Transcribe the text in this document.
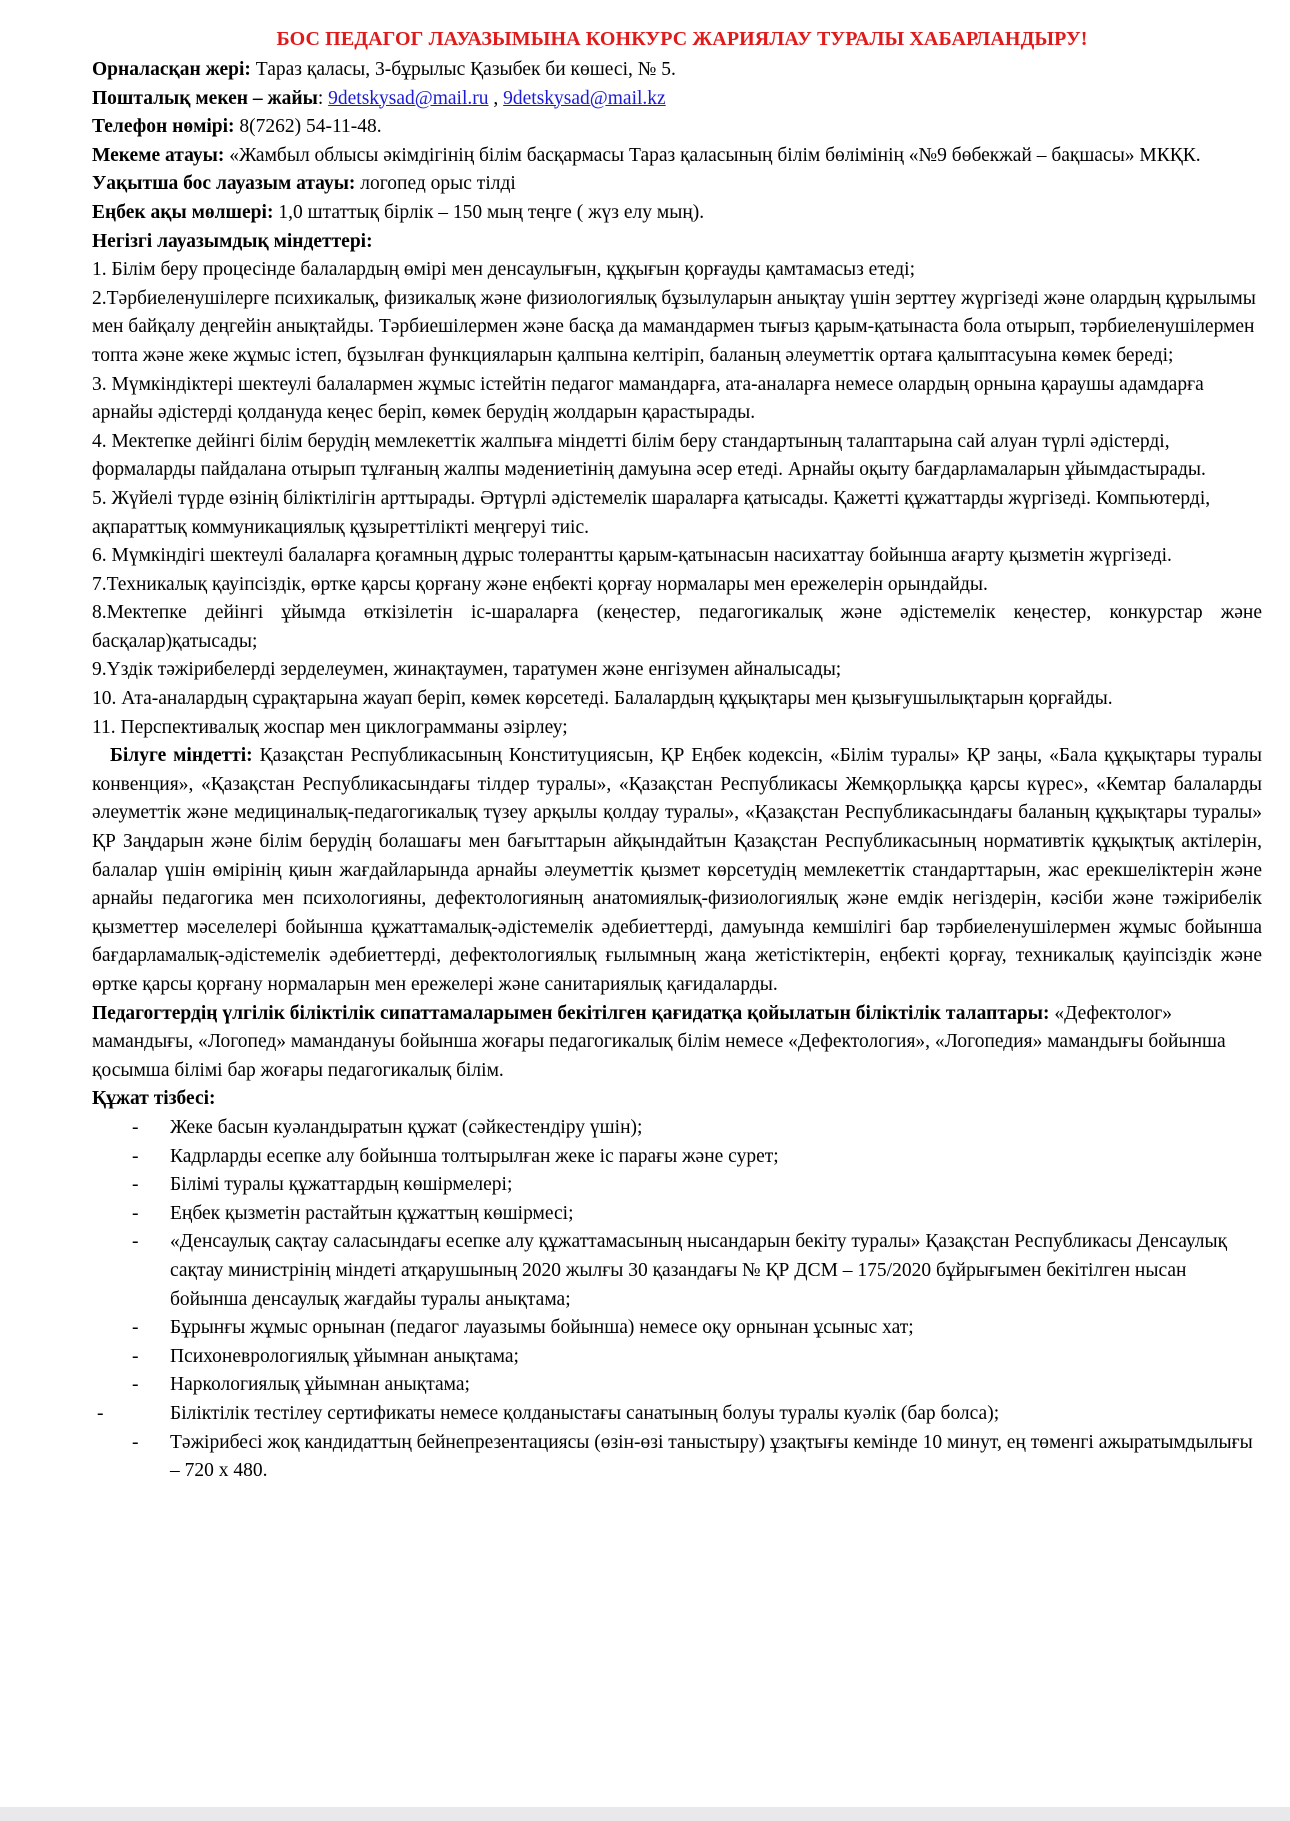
БОС ПЕДАГОГ ЛАУАЗЫМЫНА КОНКУРС ЖАРИЯЛАУ ТУРАЛЫ ХАБАРЛАНДЫРУ!

Орналасқан жері: Тараз қаласы, 3-бұрылыс Қазыбек би көшесі, № 5.

Пошталық мекен – жайы: 9detskysad@mail.ru , 9detskysad@mail.kz

Телефон нөмірі: 8(7262) 54-11-48.

Мекеме атауы: «Жамбыл облысы әкімдігінің білім басқармасы Тараз қаласының білім бөлімінің «№9 бөбекжай – бақшасы» МКҚК.

Уақытша бос лауазым атауы: логопед орыс тілді

Еңбек ақы мөлшері: 1,0 штаттық бірлік – 150 мың теңге ( жүз елу мың).

Негізгі лауазымдық міндеттері:

1. Білім беру процесінде балалардың өмірі мен денсаулығын, құқығын қорғауды қамтамасыз етеді;

2.Тәрбиеленушілерге психикалық, физикалық және физиологиялық бұзылуларын анықтау үшін зерттеу жүргізеді және олардың құрылымы мен байқалу деңгейін анықтайды. Тәрбиешілермен және басқа да мамандармен тығыз қарым-қатынаста бола отырып, тәрбиеленушілермен топта және жеке жұмыс істеп, бұзылған функцияларын қалпына келтіріп, баланың әлеуметтік ортаға қалыптасуына көмек береді;

3. Мүмкіндіктері шектеулі балалармен жұмыс істейтін педагог мамандарға, ата-аналарға немесе олардың орнына қараушы адамдарға арнайы әдістерді қолдануда кеңес беріп, көмек берудің жолдарын қарастырады.

4. Мектепке дейінгі білім берудің мемлекеттік жалпыға міндетті білім беру стандартының талаптарына сай алуан түрлі әдістерді, формаларды пайдалана отырып тұлғаның жалпы мәдениетінің дамуына әсер етеді. Арнайы оқыту бағдарламаларын ұйымдастырады.

5. Жүйелі түрде өзінің біліктілігін арттырады. Әртүрлі әдістемелік шараларға қатысады. Қажетті құжаттарды жүргізеді. Компьютерді, ақпараттық коммуникациялық құзыреттілікті меңгеруі тиіс.

6. Мүмкіндігі шектеулі балаларға қоғамның дұрыс толерантты қарым-қатынасын насихаттау бойынша ағарту қызметін жүргізеді.

7.Техникалық қауіпсіздік, өртке қарсы қорғану және еңбекті қорғау нормалары мен ережелерін орындайды.

8.Мектепке дейінгі ұйымда өткізілетін іс-шараларға (кеңестер, педагогикалық және әдістемелік кеңестер, конкурстар және басқалар)қатысады;

9.Үздік тәжірибелерді зерделеумен, жинақтаумен, таратумен және енгізумен айналысады;

10. Ата-аналардың сұрақтарына жауап беріп, көмек көрсетеді. Балалардың құқықтары мен қызығушылықтарын қорғайды.

11. Перспективалық жоспар мен циклограмманы әзірлеу;

Білуге міндетті: Қазақстан Республикасының Конституциясын, ҚР Еңбек кодексін, «Білім туралы» ҚР заңы, «Бала құқықтары туралы конвенция», «Қазақстан Республикасындағы тілдер туралы», «Қазақстан Республикасы Жемқорлыққа қарсы күрес», «Кемтар балаларды әлеуметтік және медициналық-педагогикалық түзеу арқылы қолдау туралы», «Қазақстан Республикасындағы баланың құқықтары туралы» ҚР Заңдарын және білім берудің болашағы мен бағыттарын айқындайтын Қазақстан Республикасының нормативтік құқықтық актілерін, балалар үшін өмірінің қиын жағдайларында арнайы әлеуметтік қызмет көрсетудің мемлекеттік стандарттарын, жас ерекшеліктерін және арнайы педагогика мен психологияны, дефектологияның анатомиялық-физиологиялық және емдік негіздерін, кәсіби және тәжірибелік қызметтер мәселелері бойынша құжаттамалық-әдістемелік әдебиеттерді, дамуында кемшілігі бар тәрбиеленушілермен жұмыс бойынша бағдарламалық-әдістемелік әдебиеттерді, дефектологиялық ғылымның жаңа жетістіктерін, еңбекті қорғау, техникалық қауіпсіздік және өртке қарсы қорғану нормаларын мен ережелері және санитариялық қағидаларды.

Педагогтердің үлгілік біліктілік сипаттамаларымен бекітілген қағидатқа қойылатын біліктілік талаптары: «Дефектолог» мамандығы, «Логопед» мамандануы бойынша жоғары педагогикалық білім немесе «Дефектология», «Логопедия» мамандығы бойынша қосымша білімі бар жоғары педагогикалық білім.

Құжат тізбесі:

- Жеке басын куәландыратын құжат (сәйкестендіру үшін);
- Кадрларды есепке алу бойынша толтырылған жеке іс парағы және сурет;
- Білімі туралы құжаттардың көшірмелері;
- Еңбек қызметін растайтын құжаттың көшірмесі;
- «Денсаулық сақтау саласындағы есепке алу құжаттамасының нысандарын бекіту туралы» Қазақстан Республикасы Денсаулық сақтау министрінің міндеті атқарушының 2020 жылғы 30 қазандағы № ҚР ДСМ – 175/2020 бұйрығымен бекітілген нысан бойынша денсаулық жағдайы туралы анықтама;
- Бұрынғы жұмыс орнынан (педагог лауазымы бойынша) немесе оқу орнынан ұсыныс хат;
- Психоневрологиялық ұйымнан анықтама;
- Наркологиялық ұйымнан анықтама;
-	Біліктілік тестілеу сертификаты немесе қолданыстағы санатының болуы туралы куәлік (бар болса);
- Тәжірибесі жоқ кандидаттың бейнепрезентациясы (өзін-өзі таныстыру) ұзақтығы кемінде 10 минут, ең төменгі ажыратымдылығы – 720 х 480.
